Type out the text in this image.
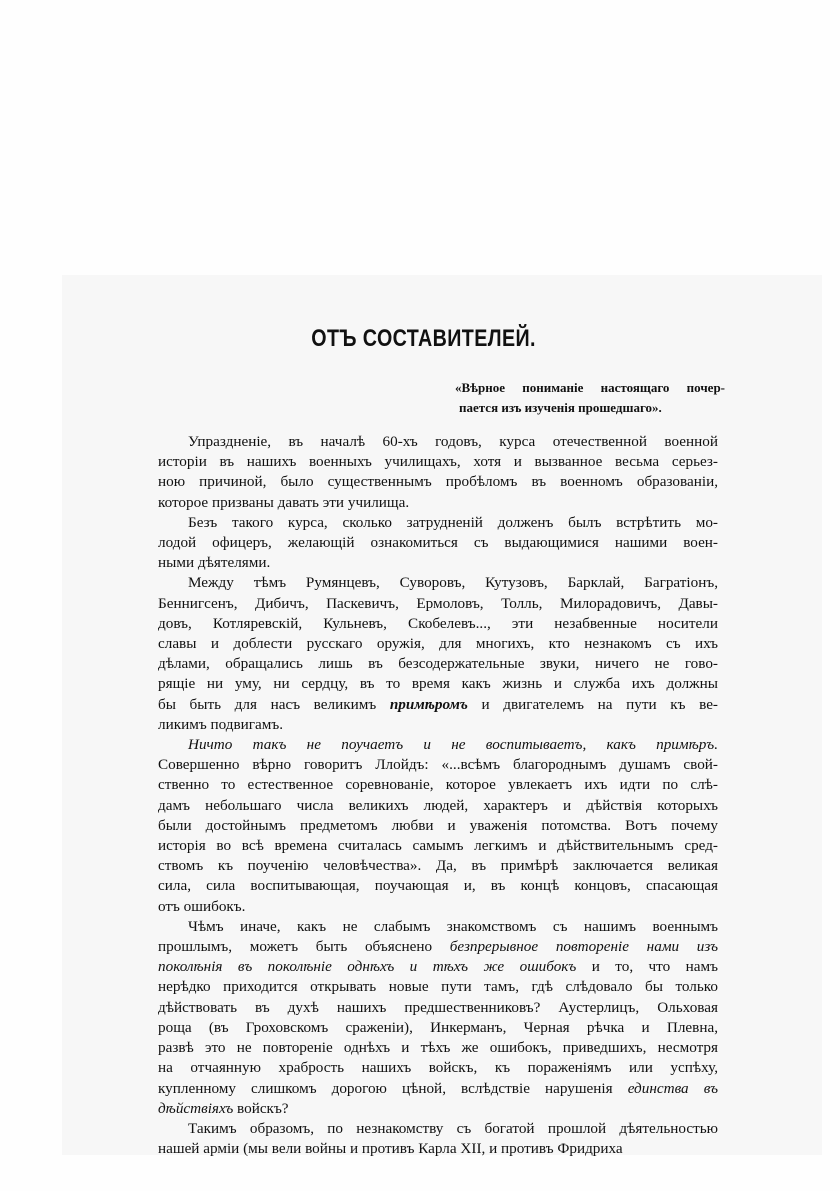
ОТЪ СОСТАВИТЕЛЕЙ.
«Вѣрное пониманіе настоящаго почер-
пается изъ изученія прошедшаго».
Упраздненіе, въ началѣ 60-хъ годовъ, курса отечественной военной
исторіи въ нашихъ военныхъ училищахъ, хотя и вызванное весьма серьез-
ною причиной, было существеннымъ пробѣломъ въ военномъ образованіи,
которое призваны давать эти училища.
Безъ такого курса, сколько затрудненій долженъ былъ встрѣтить мо-
лодой офицеръ, желающій ознакомиться съ выдающимися нашими воен-
ными дѣятелями.
Между тѣмъ Румянцевъ, Суворовъ, Кутузовъ, Барклай, Багратіонъ,
Беннигсенъ, Дибичъ, Паскевичъ, Ермоловъ, Толль, Милорадовичъ, Давы-
довъ, Котляревскій, Кульневъ, Скобелевъ..., эти незабвенные носители
славы и доблести русскаго оружія, для многихъ, кто незнакомъ съ ихъ
дѣлами, обращались лишь въ безсодержательные звуки, ничего не гово-
рящіе ни уму, ни сердцу, въ то время какъ жизнь и служба ихъ должны
бы быть для насъ великимъ примѣромъ и двигателемъ на пути къ ве-
ликимъ подвигамъ.
Ничто такъ не поучаетъ и не воспитываетъ, какъ примѣръ.
Совершенно вѣрно говоритъ Ллойдъ: «...всѣмъ благороднымъ душамъ свой-
ственно то естественное соревнованіе, которое увлекаетъ ихъ идти по слѣ-
дамъ небольшаго числа великихъ людей, характеръ и дѣйствія которыхъ
были достойнымъ предметомъ любви и уваженія потомства. Вотъ почему
исторія во всѣ времена считалась самымъ легкимъ и дѣйствительнымъ сред-
ствомъ къ поученію человѣчества». Да, въ примѣрѣ заключается великая
сила, сила воспитывающая, поучающая и, въ концѣ концовъ, спасающая
отъ ошибокъ.
Чѣмъ иначе, какъ не слабымъ знакомствомъ съ нашимъ военнымъ
прошлымъ, можетъ быть объяснено безпрерывное повтореніе нами изъ
поколѣнія въ поколѣніе однѣхъ и тѣхъ же ошибокъ и то, что намъ
нерѣдко приходится открывать новые пути тамъ, гдѣ слѣдовало бы только
дѣйствовать въ духѣ нашихъ предшественниковъ? Аустерлицъ, Ольховая
роща (въ Гроховскомъ сраженіи), Инкерманъ, Черная рѣчка и Плевна,
развѣ это не повтореніе однѣхъ и тѣхъ же ошибокъ, приведшихъ, несмотря
на отчаянную храбрость нашихъ войскъ, къ пораженіямъ или успѣху,
купленному слишкомъ дорогою цѣной, вслѣдствіе нарушенія единства въ
дѣйствіяхъ войскъ?
Такимъ образомъ, по незнакомству съ богатой прошлой дѣятельностью
нашей арміи (мы вели войны и противъ Карла XII, и противъ Фридриха
